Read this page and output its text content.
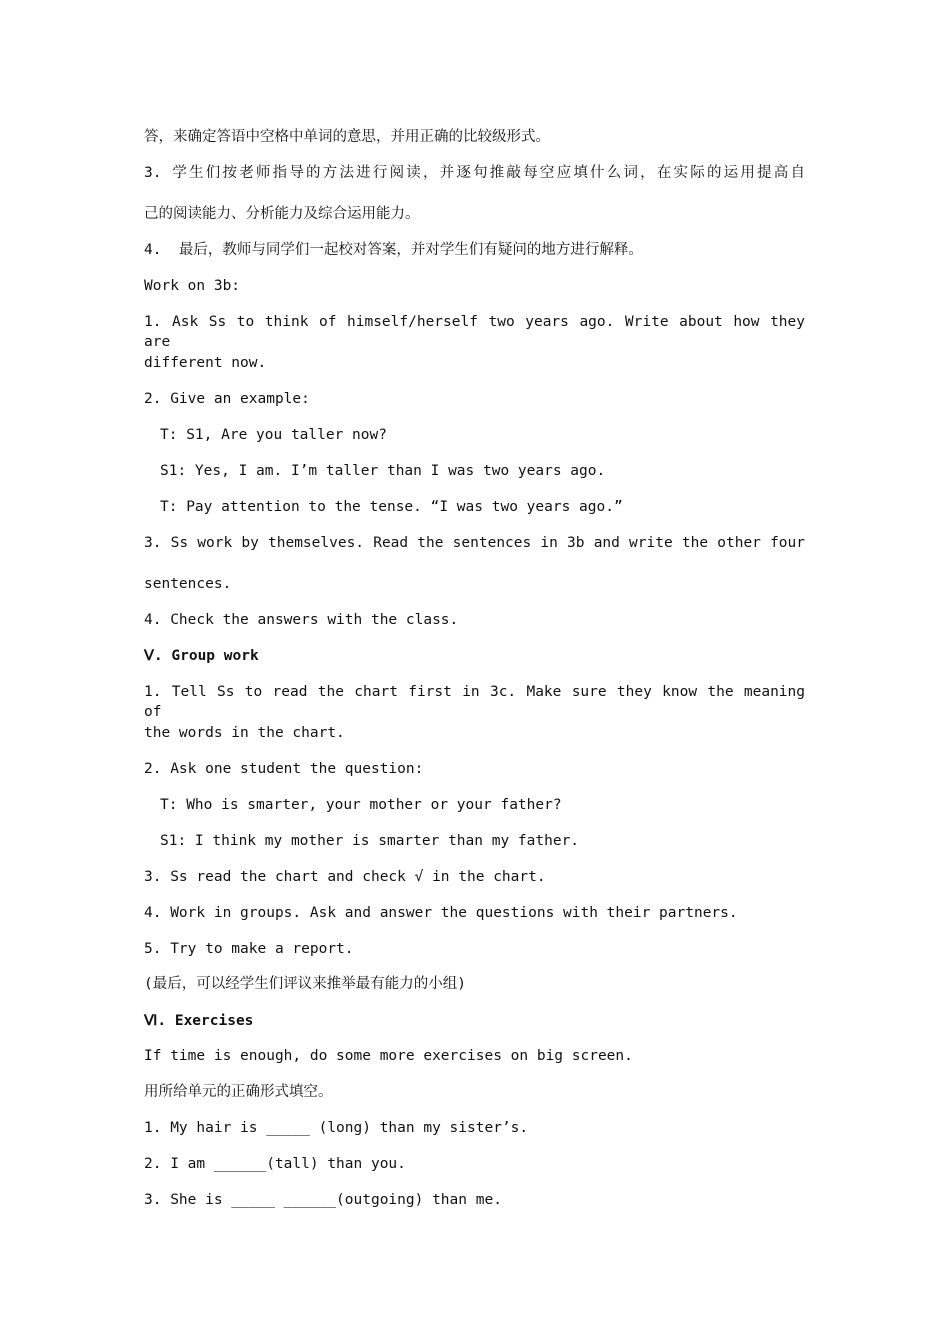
答，来确定答语中空格中单词的意思，并用正确的比较级形式。
3. 学生们按老师指导的方法进行阅读，并逐句推敲每空应填什么词，在实际的运用提高自
己的阅读能力、分析能力及综合运用能力。
4.  最后，教师与同学们一起校对答案，并对学生们有疑问的地方进行解释。
Work on 3b:
1. Ask Ss to think of himself/herself two years ago. Write about how they are
different now.
2. Give an example:
T: S1, Are you taller now?
S1: Yes, I am. I’m taller than I was two years ago.
T: Pay attention to the tense. “I was two years ago.”
3. Ss work by themselves. Read the sentences in 3b and write the other four
sentences.
4. Check the answers with the class.
Ⅴ. Group work
1. Tell Ss to read the chart first in 3c. Make sure they know the meaning of
the words in the chart.
2. Ask one student the question:
T: Who is smarter, your mother or your father?
S1: I think my mother is smarter than my father.
3. Ss read the chart and check √ in the chart.
4. Work in groups. Ask and answer the questions with their partners.
5. Try to make a report.
(最后，可以经学生们评议来推举最有能力的小组)
Ⅵ. Exercises
If time is enough, do some more exercises on big screen.
用所给单元的正确形式填空。
1. My hair is _____ (long) than my sister’s.
2. I am ______(tall) than you.
3. She is _____ ______(outgoing) than me.
